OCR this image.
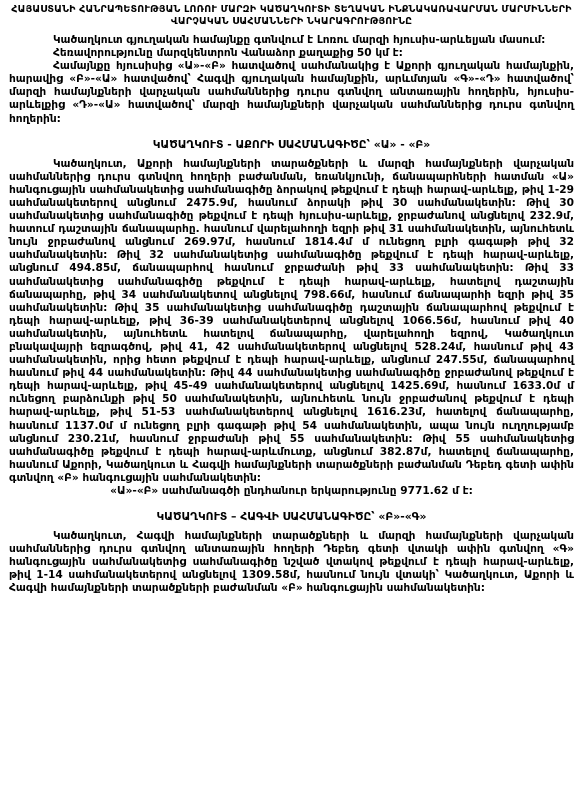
ՀԱՅԱՍՏԱՆԻ ՀԱՆՐԱՊԵՏՈՒԹՅԱՆ ԼՈՌՈՒ ՄԱՐԶԻ ԿԱԾԱՂԿՈՒՏԻ ՏԵՂԱԿԱՆ ԻՆՔՆԱԿԱՌԱՎԱՐՄԱՆ ՄԱՐՄԻՆՆԵՐԻ

ՎԱՐՉԱԿԱՆ ՍԱՀՄԱՆՆԵՐԻ ՆԿԱՐԱԳՐՈՒԹՅՈՒՆԸ

Կածաղկուտ գյուղական համայնքը գտնվում է Լոռու մարզի հյուսիս-արևելյան մասում:

Հեռավորությունը մարզկենտրոն Վանաձոր քաղաքից 50 կմ է:

Համայնքը հյուսիսից «Ա»-«Բ» հատվածով սահմանակից է Աքորի գյուղական համայնքին, հարավից «Բ»-«Ա» հատվածով՝ Հագվի գյուղական համայնքին, արևմտյան «Գ»-«Դ» հատվածով՝ մարզի համայնքների վարչական սահմաններից դուրս գտնվող անտառային հողերին, հյուսիս-արևելքից «Դ»-«Ա» հատվածով՝ մարզի համայնքների վարչական սահմաններից դուրս գտնվող հողերին:

ԿԱԾԱՂԿՈՒՏ - ԱՔՈՐԻ ՍԱՀՄԱՆԱԳԻԾԸ՝ «Ա» - «Բ»

Կածաղկուտ, Աքորի համայնքների տարածքների և մարզի համայնքների վարչական սահմաններից դուրս գտնվող հողերի բաժանման, եռանկյունի, ճանապարհների հատման «Ա» հանգուցային սահմանակետից սահմանագիծը ձորակով թեքվում է դեպի հարավ-արևելք, թիվ 1-29 սահմանակետերով անցնում 2475.9մ, հասնում ձորակի թիվ 30 սահմանակետին: Թիվ 30 սահմանակետից սահմանագիծը թեքվում է դեպի հյուսիս-արևելք, ջրբաժանով անցնելով 232.9մ, հատում դաշտային ճանապարհը. հասնում վարելահողի եզրի թիվ 31 սահմանակետին, այնուհետև նույն ջրբաժանով անցնում 269.97մ, հասնում 1814.4մ մ ունեցող բլրի գագաթի թիվ 32 սահմանակետին: Թիվ 32 սահմանակետից սահմանագիծը թեքվում է դեպի հարավ-արևելք, անցնում 494.85մ, ճանապարհով հասնում ջրբաժանի թիվ 33 սահմանակետին: Թիվ 33 սահմանակետից սահմանագիծը թեքվում է դեպի հարավ-արևելք, հատելով դաշտային ճանապարհը, թիվ 34 սահմանակետով անցնելով 798.66մ, հասնում ճանապարհի եզրի թիվ 35 սահմանակետին: Թիվ 35 սահմանակետից սահմանագիծը դաշտային ճանապարհով թեքվում է դեպի հարավ-արևելք, թիվ 36-39 սահմանակետերով անցնելով 1066.56մ, հասնում թիվ 40 սահմանակետին, այնուհետև հատելով ճանապարհը, վարելահողի եզրով, Կածաղկուտ բնակավայրի եզրագծով, թիվ 41, 42 սահմանակետերով անցնելով 528.24մ, հասնում թիվ 43 սահմանակետին, որից հետո թեքվում է դեպի հարավ-արևելք, անցնում 247.55մ, ճանապարհով հասնում թիվ 44 սահմանակետին: Թիվ 44 սահմանակետից սահմանագիծը ջրբաժանով թեքվում է դեպի հարավ-արևելք, թիվ 45-49 սահմանակետերով անցնելով 1425.69մ, հասնում 1633.0մ մ ունեցող բարձունքի թիվ 50 սահմանակետին, այնուհետև նույն ջրբաժանով թեքվում է դեպի հարավ-արևելք, թիվ 51-53 սահմանակետերով անցնելով 1616.23մ, հատելով ճանապարհը, հասնում 1137.0մ մ ունեցող բլրի գագաթի թիվ 54 սահմանակետին, ապա նույն ուղղությամբ անցնում 230.21մ, հասնում ջրբաժանի թիվ 55 սահմանակետին: Թիվ 55 սահմանակետից սահմանագիծը թեքվում է դեպի հարավ-արևմուտք, անցնում 382.87մ, հատելով ճանապարհը, հասնում Աքորի, Կածաղկուտ և Հագվի համայնքների տարածքների բաժանման Դեբեդ գետի ափին գտնվող «Բ» հանգուցային սահմանակետին:

«Ա»-«Բ» սահմանագծի ընդհանուր երկարությունը 9771.62 մ է:

ԿԱԾԱՂԿՈՒՏ – ՀԱԳՎԻ ՍԱՀՄԱՆԱԳԻԾԸ՝ «Բ»-«Գ»

Կածաղկուտ, Հագվի համայնքների տարածքների և մարզի համայնքների վարչական սահմաններից դուրս գտնվող անտառային հողերի Դեբեդ գետի վտակի ափին գտնվող «Գ» հանգուցային սահմանակետից սահմանագիծը նշված վտակով թեքվում է դեպի հարավ-արևելք, թիվ 1-14 սահմանակետերով անցնելով 1309.58մ, հասնում նույն վտակի՝ Կածաղկուտ, Աքորի և Հագվի համայնքների տարածքների բաժանման «Բ» հանգուցային սահմանակետին:
